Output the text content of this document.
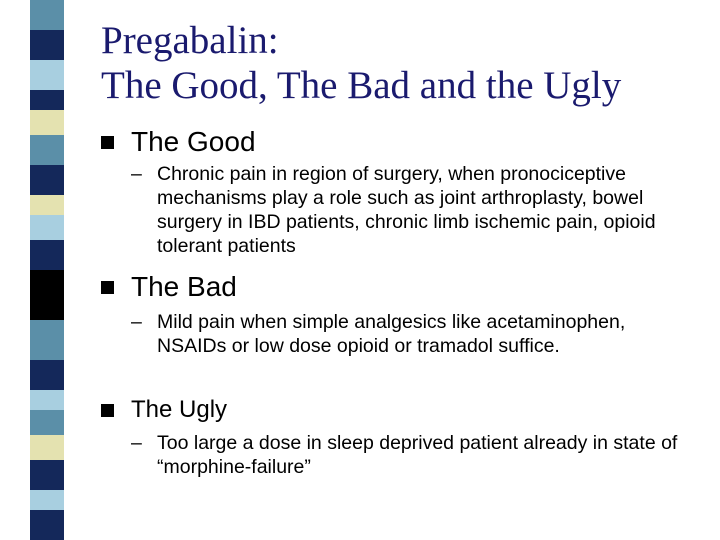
Pregabalin:
The Good, The Bad and the Ugly
The Good
– Chronic pain in region of surgery, when pronociceptive mechanisms play a role such as joint arthroplasty, bowel surgery in IBD patients, chronic limb ischemic pain, opioid tolerant patients
The Bad
– Mild pain when simple analgesics like acetaminophen, NSAIDs or low dose opioid or tramadol suffice.
The Ugly
– Too large a dose in sleep deprived patient already in state of “morphine-failure”
